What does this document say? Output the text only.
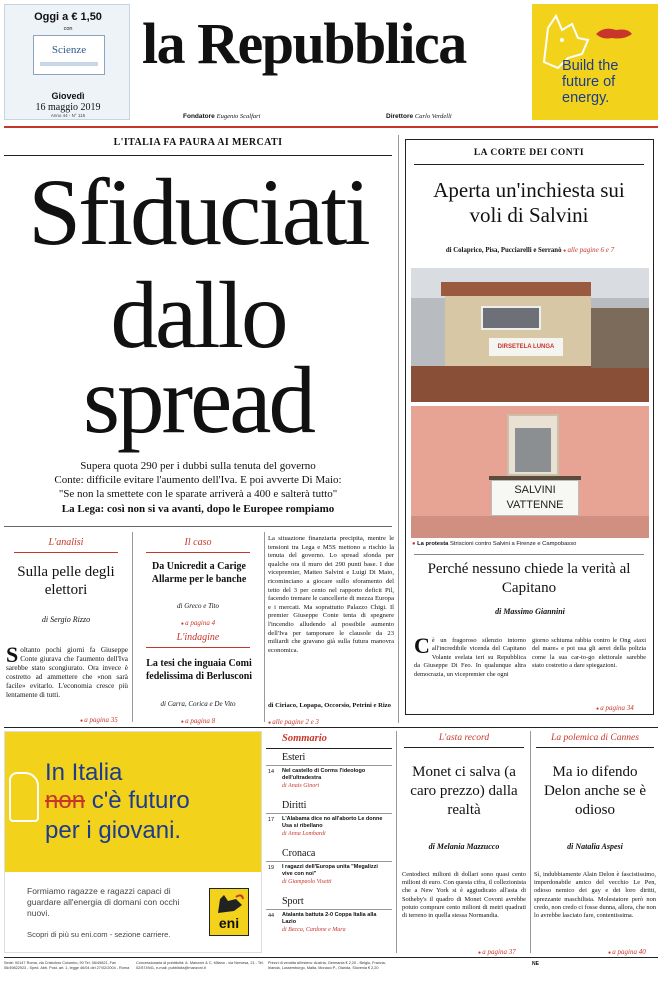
Oggi a € 1,50
con
Scienze
Giovedì
16 maggio 2019
Anno 44 - N° 115
la Repubblica
Fondatore Eugenio Scalfari	Direttore Carlo Verdelli
Build the future of energy.
L'ITALIA FA PAURA AI MERCATI
Sfiduciati
dallo
spread
Supera quota 290 per i dubbi sulla tenuta del governo
Conte: difficile evitare l'aumento dell'Iva. E poi avverte Di Maio:
"Se non la smettete con le sparate arriverà a 400 e salterà tutto"
La Lega: così non si va avanti, dopo le Europee rompiamo
L'analisi
Sulla pelle degli elettori
di Sergio Rizzo
Soltanto pochi giorni fa Giuseppe Conte giurava che l'aumento dell'Iva sarebbe stato scongiurato. Ora invece è costretto ad ammettere che «non sarà facile» evitarlo. L'economia cresce più lentamente di tutti.
● a pagina 35
Il caso
Da Unicredit a Carige Allarme per le banche
di Greco e Tito
● a pagina 4
L'indagine
La tesi che inguaia Comi fedelissima di Berlusconi
di Carra, Corica e De Vito
● a pagina 8
La situazione finanziaria precipita, mentre le tensioni tra Lega e M5S mettono a rischio la tenuta del governo. Lo spread sfonda per qualche ora il muro dei 290 punti base. I due vicepremier, Matteo Salvini e Luigi Di Maio, ricominciano a giocare sullo sforamento del tetto del 3 per cento nel rapporto deficit Pil, facendo tremare le cancellerie di mezza Europa e i mercati. Ma soprattutto Palazzo Chigi. Il premier Giuseppe Conte tenta di spegnere l'incendio alludendo al possibile aumento dell'Iva per tamponare le clausole da 23 miliardi che gravano già sulla futura manovra economica.
di Ciriaco, Lopapa, Occorsio, Petrini e Rizo
● alle pagine 2 e 3
LA CORTE DEI CONTI
Aperta un'inchiesta sui voli di Salvini
di Colaprico, Pisa, Pucciarelli e Serranò ● alle pagine 6 e 7
DIRSETELA LUNGA
SALVINI VATTENNE
● La protesta Striscioni contro Salvini a Firenze e Campobasso
Perché nessuno chiede la verità al Capitano
di Massimo Giannini
Cè un fragoroso silenzio intorno all'incredibile vicenda del Capitano Volante svelata ieri su Repubblica da Giuseppe Di Feo. In qualunque altra democrazia, un vicepremier che ogni
giorno schiuma rabbia contro le Ong «taxi del mare» e poi usa gli aerei della polizia come la sua car-to-go elettorale sarebbe stato costretto a dare spiegazioni.
● a pagina 34
In Italia
non c'è futuro
per i giovani.
Formiamo ragazze e ragazzi capaci di guardare all'energia di domani con occhi nuovi.
Scopri di più su eni.com - sezione carriere.
eni
Sommario
Esteri
14 Nel castello di Corms l'ideologo dell'ultradestra
di Anais Ginori
Diritti
17 L'Alabama dice no all'aborto Le donne Usa si ribellano
di Anna Lombardi
Cronaca
19 I ragazzi dell'Europa unita "Megalizzi vive con noi"
di Giampaolo Visetti
Sport
44 Atalanta battuta 2-0 Coppa Italia alla Lazio
di Becca, Cardone e Mura
L'asta record
Monet ci salva (a caro prezzo) dalla realtà
di Melania Mazzucco
Centodieci milioni di dollari sono quasi cento milioni di euro. Con questa cifra, il collezionista che a New York si è aggiudicato all'asta di Sotheby's il quadro di Monet Covoni avrebbe potuto comprare cento milioni di metri quadrati di terreno in quella stessa Normandia.
● a pagina 37
La polemica di Cannes
Ma io difendo Delon anche se è odioso
di Natalia Aspesi
Sì, indubbiamente Alain Delon è fascistissimo, imperdonabile amico del vecchio Le Pen, odioso nemico dei gay e dei loro diritti, sprezzante maschilista. Molestatore però non credo, non credo ci fosse dunna, allora, che non lo avrebbe lasciato fare, contentissima.
● a pagina 40
Sede: 00147 Roma, via Cristoforo Colombo, 90 Tel. 06/49821, Fax 06/49822923 - Sped. Abb. Post. art. 1, legge 46/04 del 27/02/2004 - Roma
Concessionaria di pubblicità: A. Manzoni & C. Milano - via Nervesa, 21 - Tel. 02/574941, e-mail: pubblicita@manzoni.it
Prezzi di vendita all'estero: Austria, Germania € 2,20 - Belgio, Francia, Irlanda, Lussemburgo, Malta, Monaco P., Olanda, Slovenia € 2,20
NE
